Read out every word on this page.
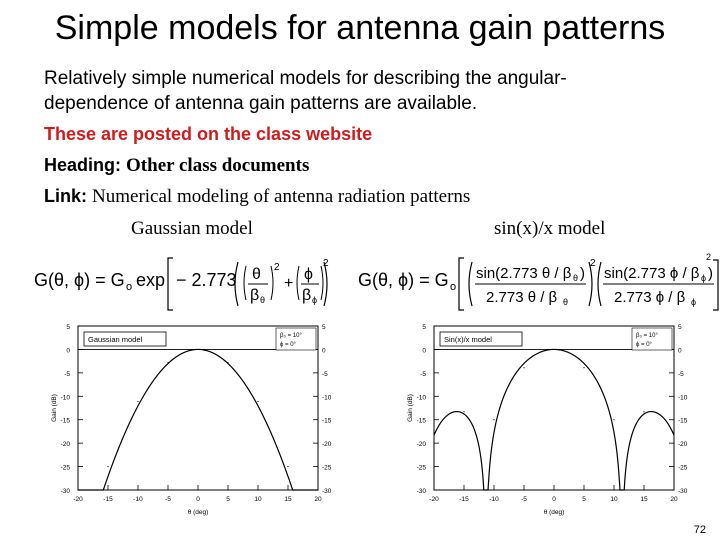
Simple models for antenna gain patterns
Relatively simple numerical models for describing the angular-dependence of antenna gain patterns are available.
These are posted on the class website
Heading: Other class documents
Link: Numerical modeling of antenna radiation patterns
Gaussian model	sin(x)/x model
G(θ, ϕ) = G o exp − 2.773 θ
β θ
2
+
ϕ
β ϕ
2
G(θ, ϕ) = G o
sin(2.773 θ / β θ )
2.773 θ / β θ
2
sin(2.773 ϕ / β ϕ )
2.773 ϕ / β ϕ
2
5	5
0	0
-5	-5
-10	-10
-15	-15
-20	-20
-25	-25
-30	-30
-20	-15	-10	-5	0	5	10	15	20
θ (deg)
Gain (dB)
Gaussian model	β₀ = 10°
ϕ = 0°
5	5
0	0
-5	-5
-10	-10
-15	-15
-20	-20
-25	-25
-30	-30
-20	-15	-10	-5	0	5	10	15	20
θ (deg)
Gain (dB)
Sin(x)/x model	β₀ = 10°
ϕ = 0°
72
